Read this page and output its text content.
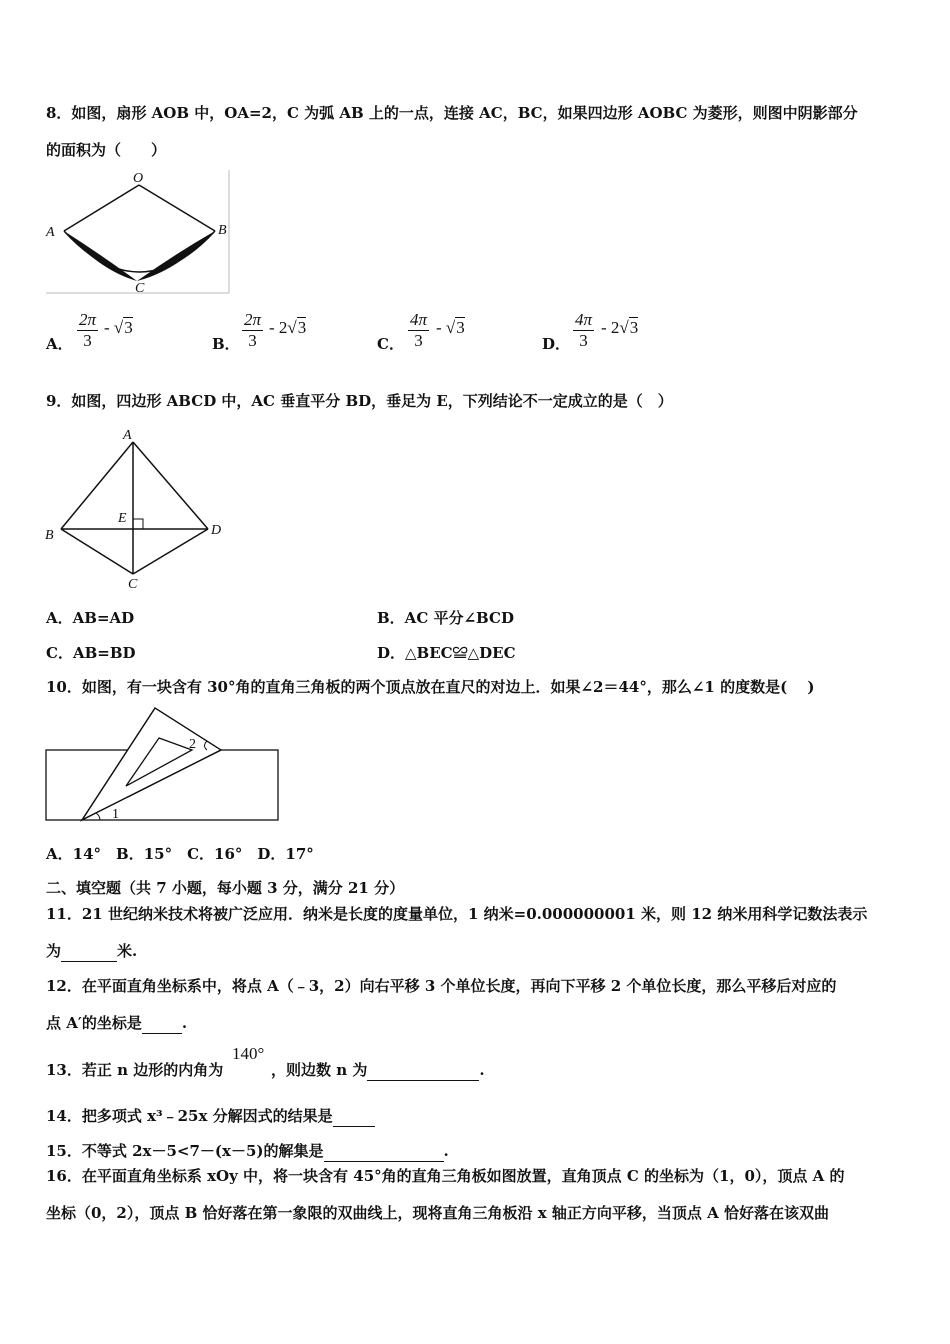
8．如图，扇形 AOB 中，OA=2，C 为弧 AB 上的一点，连接 AC，BC，如果四边形 AOBC 为菱形，则图中阴影部分
的面积为（　　）
O
A	B
C
A． $\frac{2\pi}{3} - √3$
B． $\frac{2\pi}{3} - 2√3$
C． $\frac{4\pi}{3} - √3$
D． $\frac{4\pi}{3} - 2√3$
9．如图，四边形 ABCD 中，AC 垂直平分 BD，垂足为 E，下列结论不一定成立的是（　）
A
B
C
D
E
A．AB=AD	B．AC 平分∠BCD
C．AB=BD	D．△BEC≌△DEC
10．如图，有一块含有 30°角的直角三角板的两个顶点放在直尺的对边上．如果∠2＝44°，那么∠1 的度数是(　 )
2
1
A．14°　B．15°　C．16°　D．17°
二、填空题（共 7 小题，每小题 3 分，满分 21 分）
11．21 世纪纳米技术将被广泛应用．纳米是长度的度量单位，1 纳米=0.000000001 米，则 12 纳米用科学记数法表示
为	米.
12．在平面直角坐标系中，将点 A（﹣3，2）向右平移 3 个单位长度，再向下平移 2 个单位长度，那么平移后对应的
点 A′的坐标是	.
13．若正 n 边形的内角为
140°
，则边数 n 为	.
14．把多项式 x³﹣25x 分解因式的结果是
15．不等式 2x－5<7－(x－5)的解集是	.
16．在平面直角坐标系 xOy 中，将一块含有 45°角的直角三角板如图放置，直角顶点 C 的坐标为（1，0），顶点 A 的
坐标（0，2），顶点 B 恰好落在第一象限的双曲线上，现将直角三角板沿 x 轴正方向平移，当顶点 A 恰好落在该双曲
